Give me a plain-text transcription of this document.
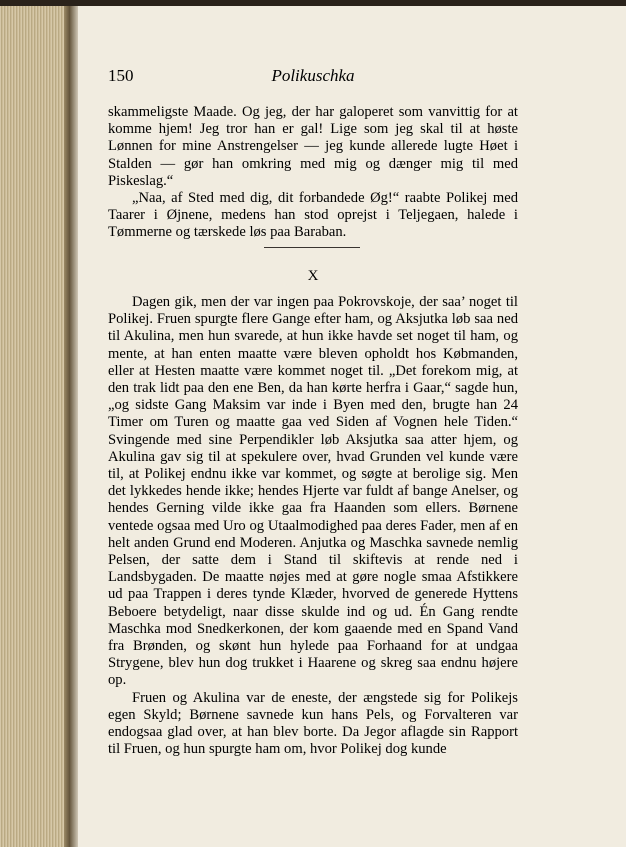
150	Polikuschka

skammeligste Maade. Og jeg, der har galoperet som vanvittig for at komme hjem! Jeg tror han er gal! Lige som jeg skal til at høste Lønnen for mine Anstrengelser — jeg kunde allerede lugte Høet i Stalden — gør han omkring med mig og dænger mig til med Piskeslag.“

„Naa, af Sted med dig, dit forbandede Øg!“ raabte Polikej med Taarer i Øjnene, medens han stod oprejst i Teljegaen, halede i Tømmerne og tærskede løs paa Baraban.

X

Dagen gik, men der var ingen paa Pokrovskoje, der saa’ noget til Polikej. Fruen spurgte flere Gange efter ham, og Aksjutka løb saa ned til Akulina, men hun svarede, at hun ikke havde set noget til ham, og mente, at han enten maatte være bleven opholdt hos Købmanden, eller at Hesten maatte være kommet noget til. „Det forekom mig, at den trak lidt paa den ene Ben, da han kørte herfra i Gaar,“ sagde hun, „og sidste Gang Maksim var inde i Byen med den, brugte han 24 Timer om Turen og maatte gaa ved Siden af Vognen hele Tiden.“ Svingende med sine Perpendikler løb Aksjutka saa atter hjem, og Akulina gav sig til at spekulere over, hvad Grunden vel kunde være til, at Polikej endnu ikke var kommet, og søgte at berolige sig. Men det lykkedes hende ikke; hendes Hjerte var fuldt af bange Anelser, og hendes Gerning vilde ikke gaa fra Haanden som ellers. Børnene ventede ogsaa med Uro og Utaalmodighed paa deres Fader, men af en helt anden Grund end Moderen. Anjutka og Maschka savnede nemlig Pelsen, der satte dem i Stand til skiftevis at rende ned i Landsbygaden. De maatte nøjes med at gøre nogle smaa Afstikkere ud paa Trappen i deres tynde Klæder, hvorved de generede Hyttens Beboere betydeligt, naar disse skulde ind og ud. Én Gang rendte Maschka mod Snedkerkonen, der kom gaaende med en Spand Vand fra Brønden, og skønt hun hylede paa Forhaand for at undgaa Strygene, blev hun dog trukket i Haarene og skreg saa endnu højere op.

Fruen og Akulina var de eneste, der ængstede sig for Polikejs egen Skyld; Børnene savnede kun hans Pels, og Forvalteren var endogsaa glad over, at han blev borte. Da Jegor aflagde sin Rapport til Fruen, og hun spurgte ham om, hvor Polikej dog kunde
